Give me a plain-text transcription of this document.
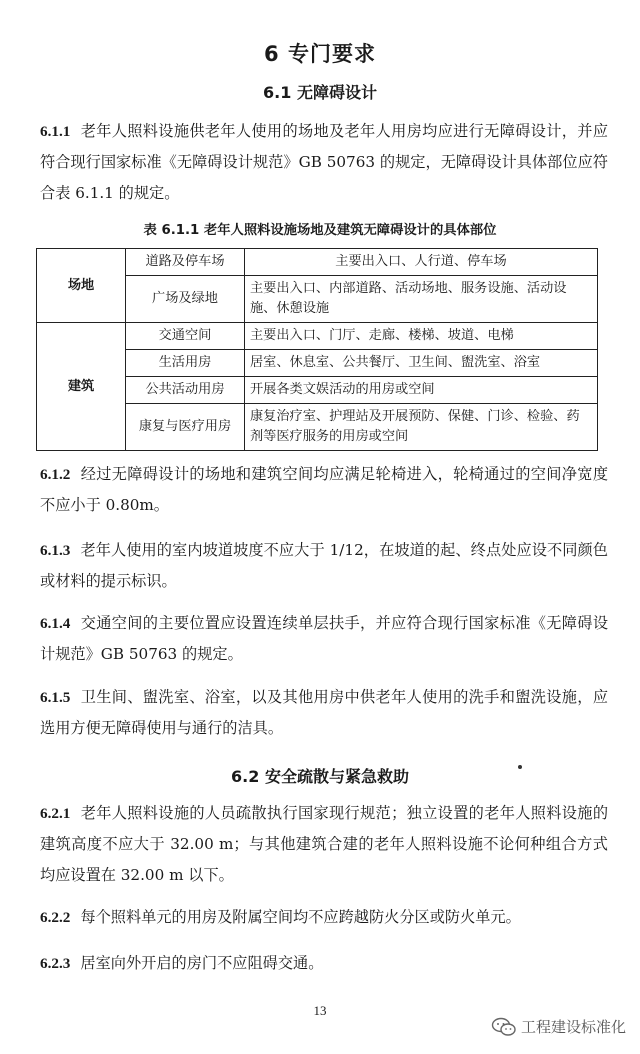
6 专门要求
6.1 无障碍设计
6.1.1 老年人照料设施供老年人使用的场地及老年人用房均应进行无障碍设计，并应符合现行国家标准《无障碍设计规范》GB 50763 的规定，无障碍设计具体部位应符合表 6.1.1 的规定。
表 6.1.1 老年人照料设施场地及建筑无障碍设计的具体部位
场地	道路及停车场	主要出入口、人行道、停车场
	广场及绿地	主要出入口、内部道路、活动场地、服务设施、活动设施、休憩设施
建筑	交通空间	主要出入口、门厅、走廊、楼梯、坡道、电梯
	生活用房	居室、休息室、公共餐厅、卫生间、盥洗室、浴室
	公共活动用房	开展各类文娱活动的用房或空间
	康复与医疗用房	康复治疗室、护理站及开展预防、保健、门诊、检验、药剂等医疗服务的用房或空间
6.1.2 经过无障碍设计的场地和建筑空间均应满足轮椅进入，轮椅通过的空间净宽度不应小于 0.80m。
6.1.3 老年人使用的室内坡道坡度不应大于 1/12，在坡道的起、终点处应设不同颜色或材料的提示标识。
6.1.4 交通空间的主要位置应设置连续单层扶手，并应符合现行国家标准《无障碍设计规范》GB 50763 的规定。
6.1.5 卫生间、盥洗室、浴室，以及其他用房中供老年人使用的洗手和盥洗设施，应选用方便无障碍使用与通行的洁具。
6.2 安全疏散与紧急救助
6.2.1 老年人照料设施的人员疏散执行国家现行规范；独立设置的老年人照料设施的建筑高度不应大于 32.00 m；与其他建筑合建的老年人照料设施不论何种组合方式均应设置在 32.00 m 以下。
6.2.2 每个照料单元的用房及附属空间均不应跨越防火分区或防火单元。
6.2.3 居室向外开启的房门不应阻碍交通。
13
工程建设标准化
